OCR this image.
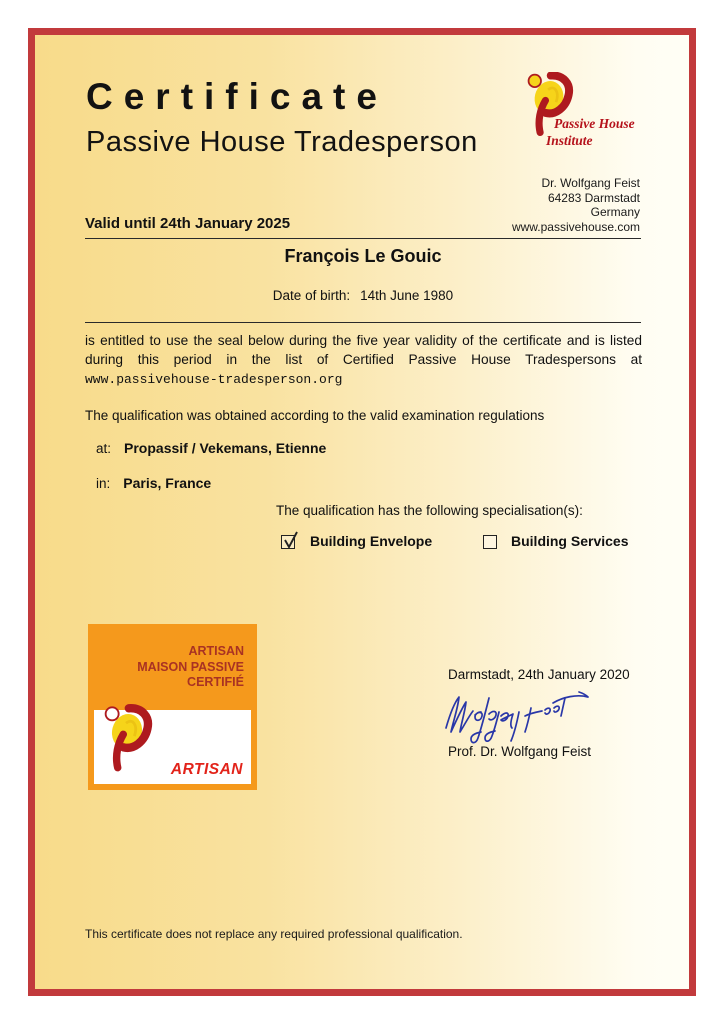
Certificate
Passive House Tradesperson
Passive House
Institute
Dr. Wolfgang Feist
64283 Darmstadt
Germany
www.passivehouse.com
Valid until 24th January 2025
François Le Gouic
Date of birth: 14th June 1980
is entitled to use the seal below during the five year validity of the certificate and is listed during this period in the list of Certified Passive House Tradespersons at www.passivehouse-tradesperson.org
The qualification was obtained according to the valid examination regulations
at: Propassif / Vekemans, Etienne
in: Paris, France
The qualification has the following specialisation(s):
Building Envelope	Building Services
ARTISAN
MAISON PASSIVE
CERTIFIÉ
ARTISAN
Darmstadt, 24th January 2020
Prof. Dr. Wolfgang Feist
This certificate does not replace any required professional qualification.
